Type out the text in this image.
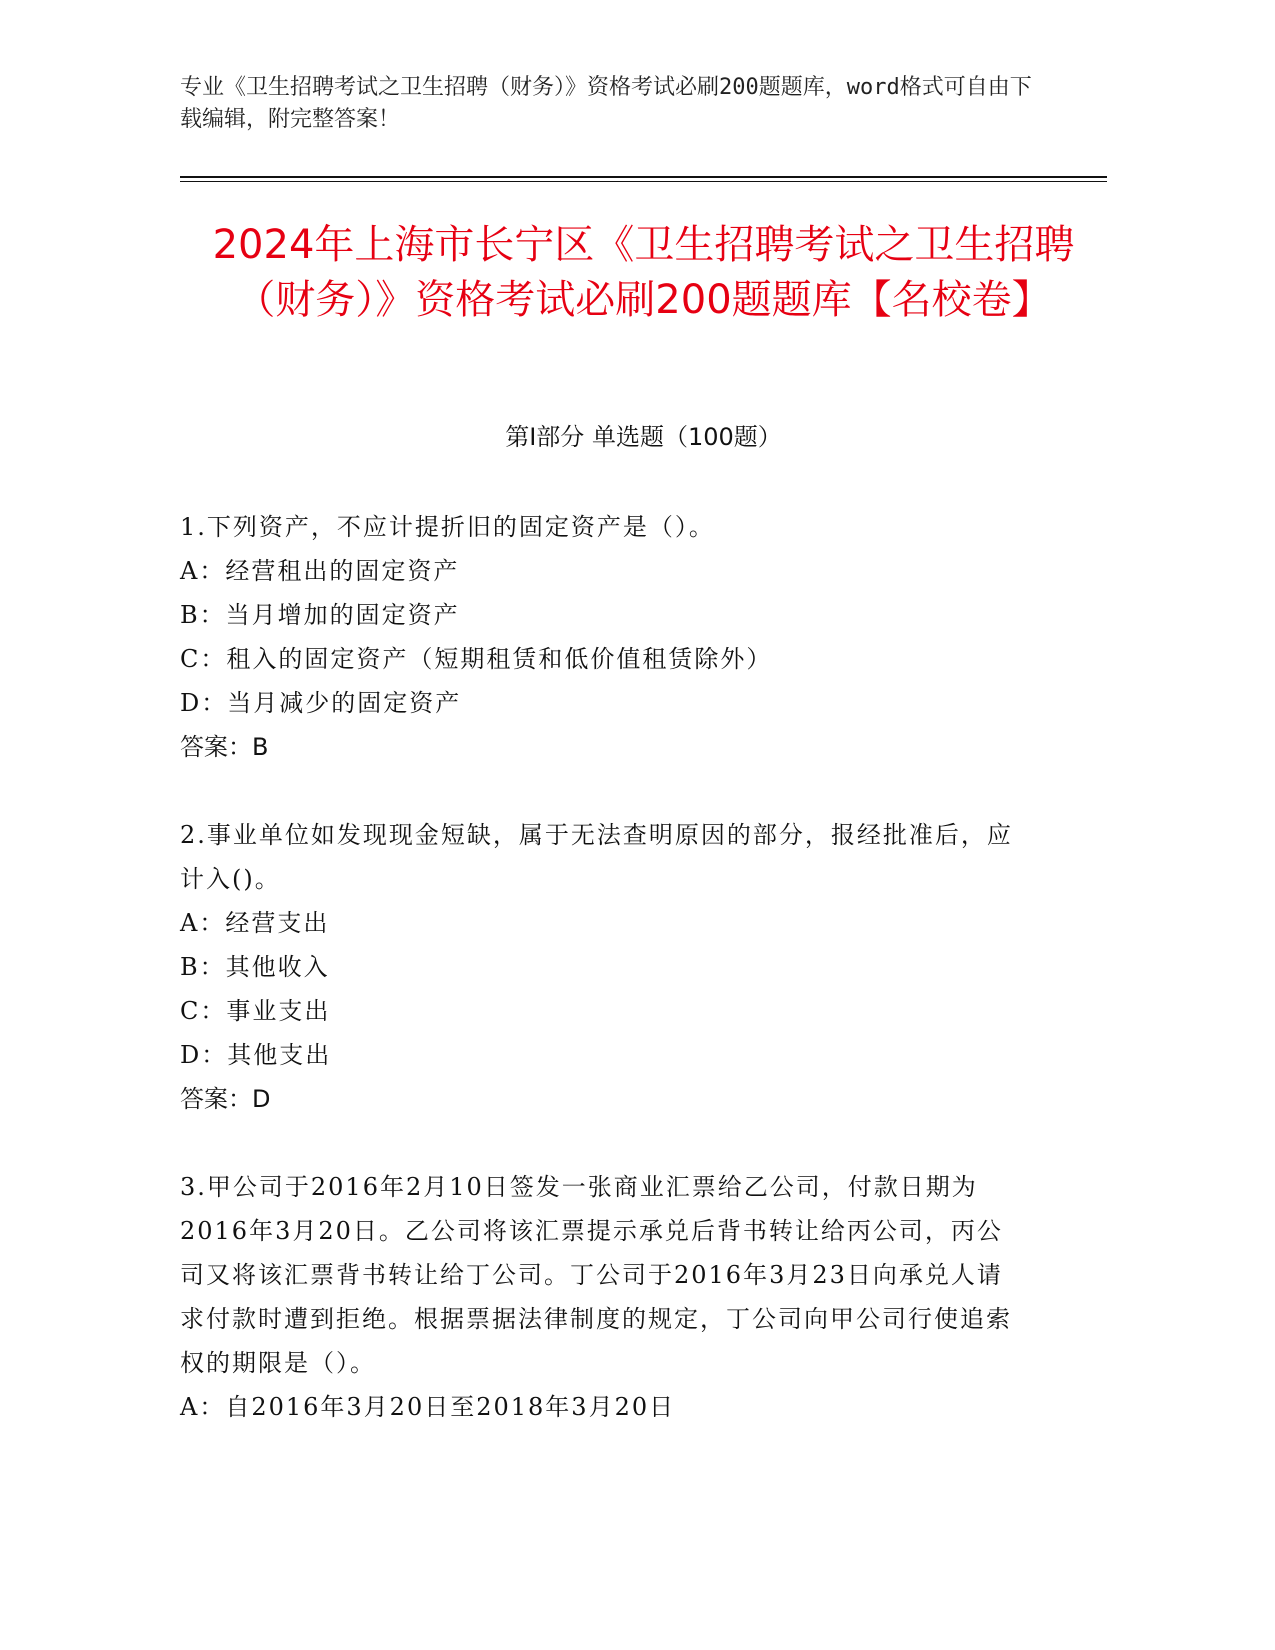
专业《卫生招聘考试之卫生招聘（财务）》资格考试必刷200题题库，word格式可自由下载编辑，附完整答案！

2024年上海市长宁区《卫生招聘考试之卫生招聘（财务）》资格考试必刷200题题库【名校卷】
第Ⅰ部分 单选题（100题）

1.下列资产，不应计提折旧的固定资产是（）。

A：经营租出的固定资产

B：当月增加的固定资产

C：租入的固定资产（短期租赁和低价值租赁除外）

D：当月减少的固定资产

答案：B

2.事业单位如发现现金短缺，属于无法查明原因的部分，报经批准后，应计入()。

A：经营支出

B：其他收入

C：事业支出

D：其他支出

答案：D

3.甲公司于2016年2月10日签发一张商业汇票给乙公司，付款日期为2016年3月20日。乙公司将该汇票提示承兑后背书转让给丙公司，丙公司又将该汇票背书转让给丁公司。丁公司于2016年3月23日向承兑人请求付款时遭到拒绝。根据票据法律制度的规定，丁公司向甲公司行使追索权的期限是（）。

A：自2016年3月20日至2018年3月20日
